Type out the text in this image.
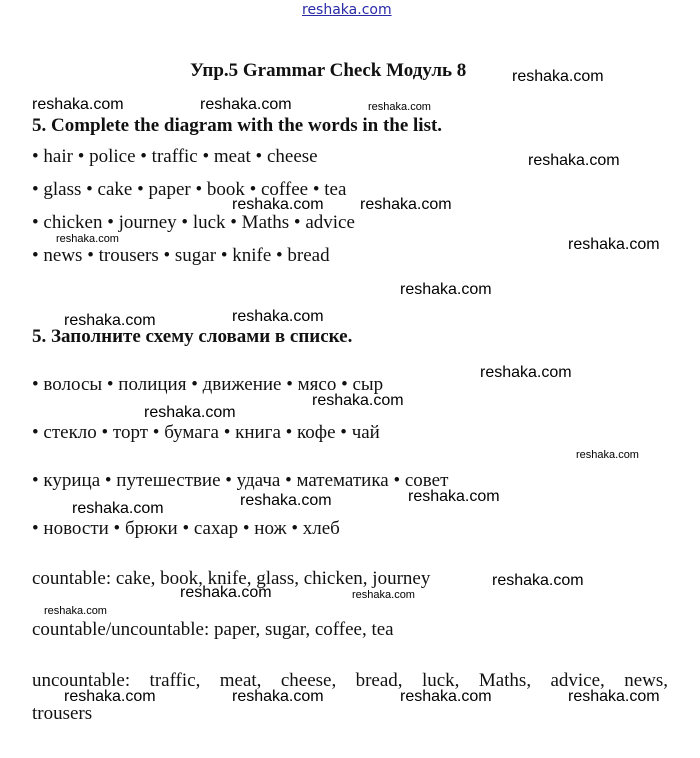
reshaka.com
Упр.5 Grammar Check Модуль 8
5. Complete the diagram with the words in the list.
• hair • police • traffic • meat • cheese
• glass • cake • paper • book • coffee • tea
• chicken • journey • luck • Maths • advice
• news • trousers • sugar • knife • bread
5. Заполните схему словами в списке.
• волосы • полиция • движение • мясо • сыр
• стекло • торт • бумага • книга • кофе • чай
• курица • путешествие • удача • математика • совет
• новости • брюки • сахар • нож • хлеб
countable: cake, book, knife, glass, chicken, journey
countable/uncountable: paper, sugar, coffee, tea
uncountable: traffic, meat, cheese, bread, luck, Maths, advice, news,
trousers
reshaka.com
reshaka.com	reshaka.com	reshaka.com
reshaka.com
reshaka.com reshaka.com
reshaka.com	reshaka.com
reshaka.com
reshaka.com
reshaka.com
reshaka.com
reshaka.com
reshaka.com
reshaka.com
reshaka.com
reshaka.com
reshaka.com
reshaka.com
reshaka.com	reshaka.com
reshaka.com
reshaka.com	reshaka.com	reshaka.com	reshaka.com
